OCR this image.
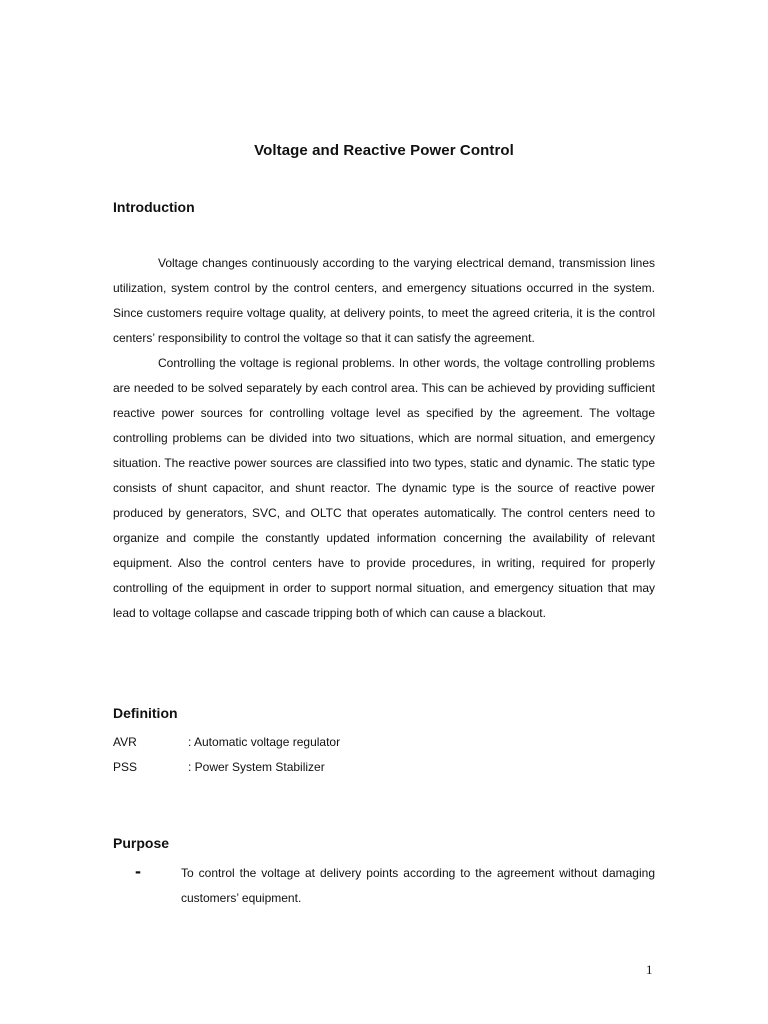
Voltage and Reactive Power Control
Introduction

Voltage changes continuously according to the varying electrical demand, transmission lines utilization, system control by the control centers, and emergency situations occurred in the system. Since customers require voltage quality, at delivery points, to meet the agreed criteria, it is the control centers’ responsibility to control the voltage so that it can satisfy the agreement.

Controlling the voltage is regional problems. In other words, the voltage controlling problems are needed to be solved separately by each control area. This can be achieved by providing sufficient reactive power sources for controlling voltage level as specified by the agreement. The voltage controlling problems can be divided into two situations, which are normal situation, and emergency situation. The reactive power sources are classified into two types, static and dynamic. The static type consists of shunt capacitor, and shunt reactor. The dynamic type is the source of reactive power produced by generators, SVC, and OLTC that operates automatically. The control centers need to organize and compile the constantly updated information concerning the availability of relevant equipment. Also the control centers have to provide procedures, in writing, required for properly controlling of the equipment in order to support normal situation, and emergency situation that may lead to voltage collapse and cascade tripping both of which can cause a blackout.

Definition
AVR	: Automatic voltage regulator
PSS	: Power System Stabilizer
Purpose
-	To control the voltage at delivery points according to the agreement without damaging customers’ equipment.

1
